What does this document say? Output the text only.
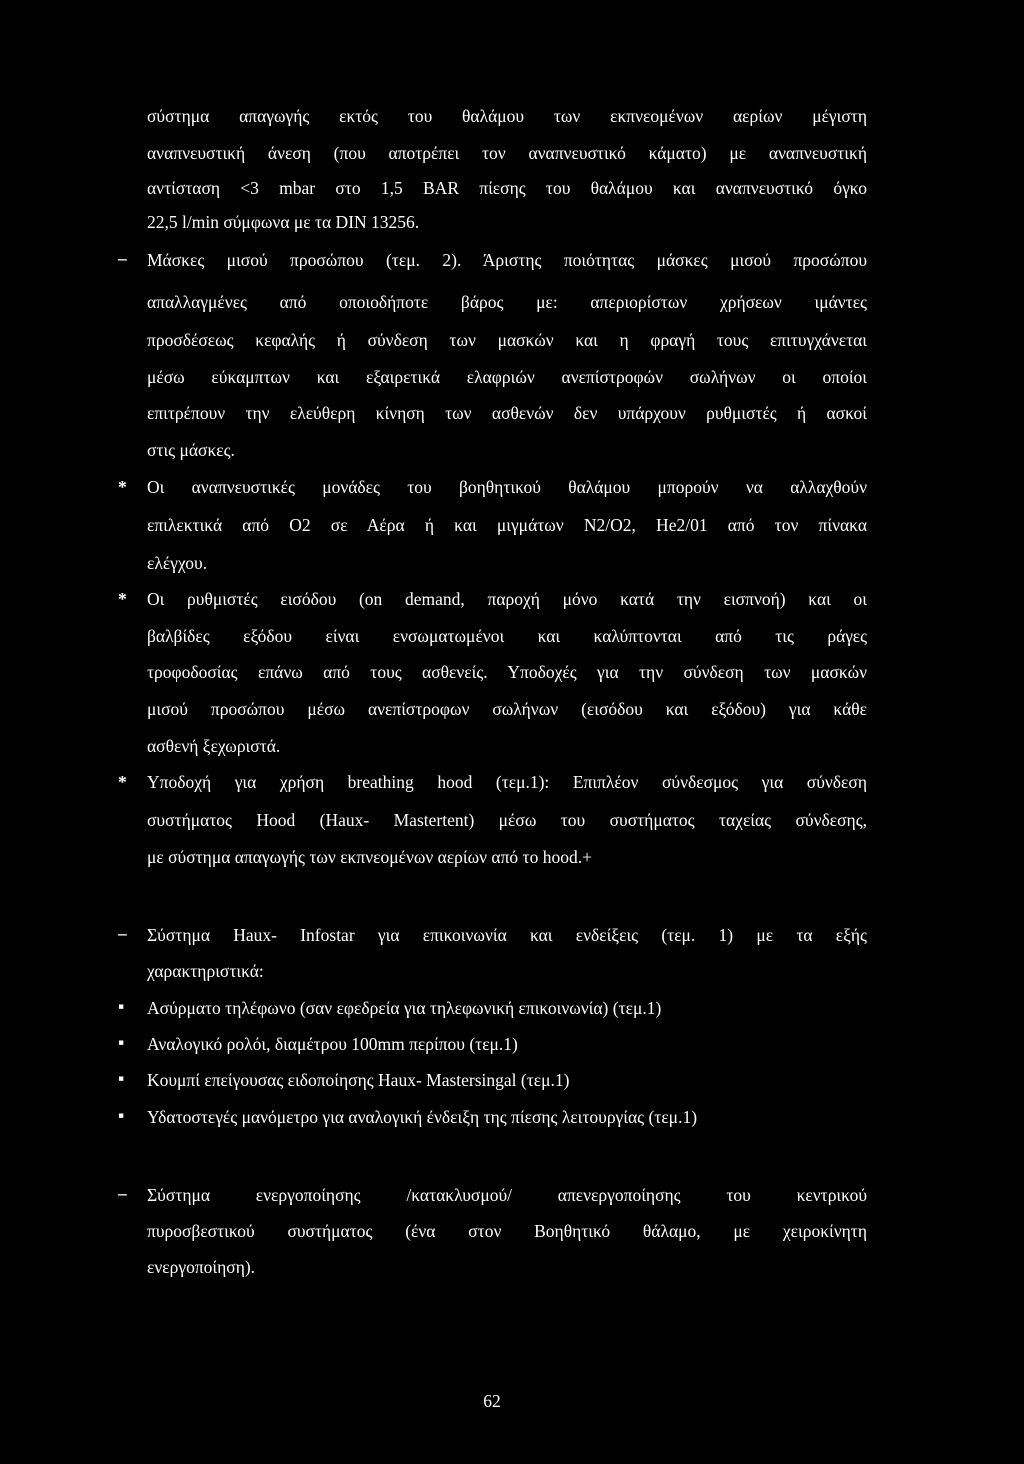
σύστημα απαγωγής εκτός του θαλάμου των εκπνεομένων αερίων μέγιστη
αναπνευστική άνεση (που αποτρέπει τον αναπνευστικό κάματο) με αναπνευστική
αντίσταση <3 mbar στο 1,5 BAR πίεσης του θαλάμου και αναπνευστικό όγκο
22,5 l/min σύμφωνα με τα DIN 13256.
–	Μάσκες μισού προσώπου (τεμ. 2). Άριστης ποιότητας μάσκες μισού προσώπου
απαλλαγμένες από οποιοδήποτε βάρος με: απεριορίστων χρήσεων ιμάντες
προσδέσεως κεφαλής ή σύνδεση των μασκών και η φραγή τους επιτυγχάνεται
μέσω εύκαμπτων και εξαιρετικά ελαφριών ανεπίστροφών σωλήνων οι οποίοι
επιτρέπουν την ελεύθερη κίνηση των ασθενών δεν υπάρχουν ρυθμιστές ή ασκοί
στις μάσκες.
*	Οι αναπνευστικές μονάδες του βοηθητικού θαλάμου μπορούν να αλλαχθούν
επιλεκτικά από Ο2 σε Αέρα ή και μιγμάτων N2/O2, He2/01 από τον πίνακα
ελέγχου.
*	Οι ρυθμιστές εισόδου (on demand, παροχή μόνο κατά την εισπνοή) και οι
βαλβίδες εξόδου είναι ενσωματωμένοι και καλύπτονται από τις ράγες
τροφοδοσίας επάνω από τους ασθενείς. Υποδοχές για την σύνδεση των μασκών
μισού προσώπου μέσω ανεπίστροφων σωλήνων (εισόδου και εξόδου) για κάθε
ασθενή ξεχωριστά.
*	Υποδοχή για χρήση breathing hood (τεμ.1): Επιπλέον σύνδεσμος για σύνδεση
συστήματος Hood (Haux- Mastertent) μέσω του συστήματος ταχείας σύνδεσης,
με σύστημα απαγωγής των εκπνεομένων αερίων από το hood.+
–	Σύστημα Haux- Infostar για επικοινωνία και ενδείξεις (τεμ. 1) με τα εξής
χαρακτηριστικά:
▪	Ασύρματο τηλέφωνο (σαν εφεδρεία για τηλεφωνική επικοινωνία) (τεμ.1)
▪	Αναλογικό ρολόι, διαμέτρου 100mm περίπου (τεμ.1)
▪	Κουμπί επείγουσας ειδοποίησης Haux- Mastersingal (τεμ.1)
▪	Υδατοστεγές μανόμετρο για αναλογική ένδειξη της πίεσης λειτουργίας (τεμ.1)
–	Σύστημα ενεργοποίησης /κατακλυσμού/ απενεργοποίησης του κεντρικού
πυροσβεστικού συστήματος (ένα στον Βοηθητικό θάλαμο, με χειροκίνητη
ενεργοποίηση).
62
